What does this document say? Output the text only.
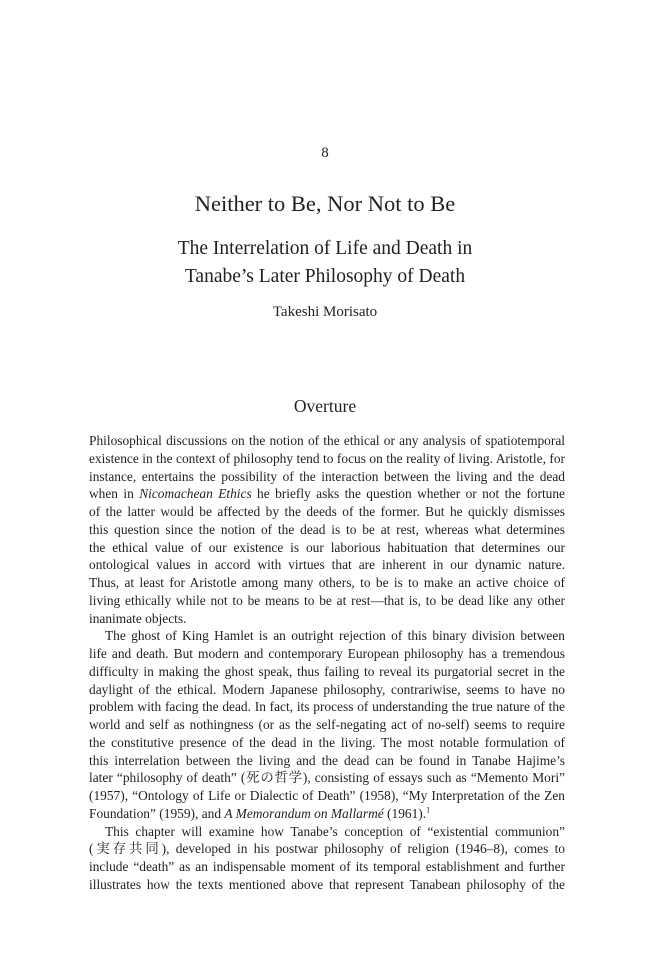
8
Neither to Be, Nor Not to Be
The Interrelation of Life and Death in
Tanabe’s Later Philosophy of Death
Takeshi Morisato
Overture

Philosophical discussions on the notion of the ethical or any analysis of spatiotemporal
existence in the context of philosophy tend to focus on the reality of living. Aristotle, for
instance, entertains the possibility of the interaction between the living and the dead
when in Nicomachean Ethics he briefly asks the question whether or not the fortune
of the latter would be affected by the deeds of the former. But he quickly dismisses
this question since the notion of the dead is to be at rest, whereas what determines
the ethical value of our existence is our laborious habituation that determines our
ontological values in accord with virtues that are inherent in our dynamic nature.
Thus, at least for Aristotle among many others, to be is to make an active choice of
living ethically while not to be means to be at rest—that is, to be dead like any other
inanimate objects.

The ghost of King Hamlet is an outright rejection of this binary division between
life and death. But modern and contemporary European philosophy has a tremendous
difficulty in making the ghost speak, thus failing to reveal its purgatorial secret in the
daylight of the ethical. Modern Japanese philosophy, contrariwise, seems to have no
problem with facing the dead. In fact, its process of understanding the true nature of the
world and self as nothingness (or as the self-negating act of no-self) seems to require
the constitutive presence of the dead in the living. The most notable formulation of
this interrelation between the living and the dead can be found in Tanabe Hajime’s
later “philosophy of death” (死の哲学), consisting of essays such as “Memento Mori”
(1957), “Ontology of Life or Dialectic of Death” (1958), “My Interpretation of the Zen
Foundation” (1959), and A Memorandum on Mallarmé (1961).$^1$

This chapter will examine how Tanabe’s conception of “existential communion”
(実存共同), developed in his postwar philosophy of religion (1946–8), comes to
include “death” as an indispensable moment of its temporal establishment and further
illustrates how the texts mentioned above that represent Tanabean philosophy of the
